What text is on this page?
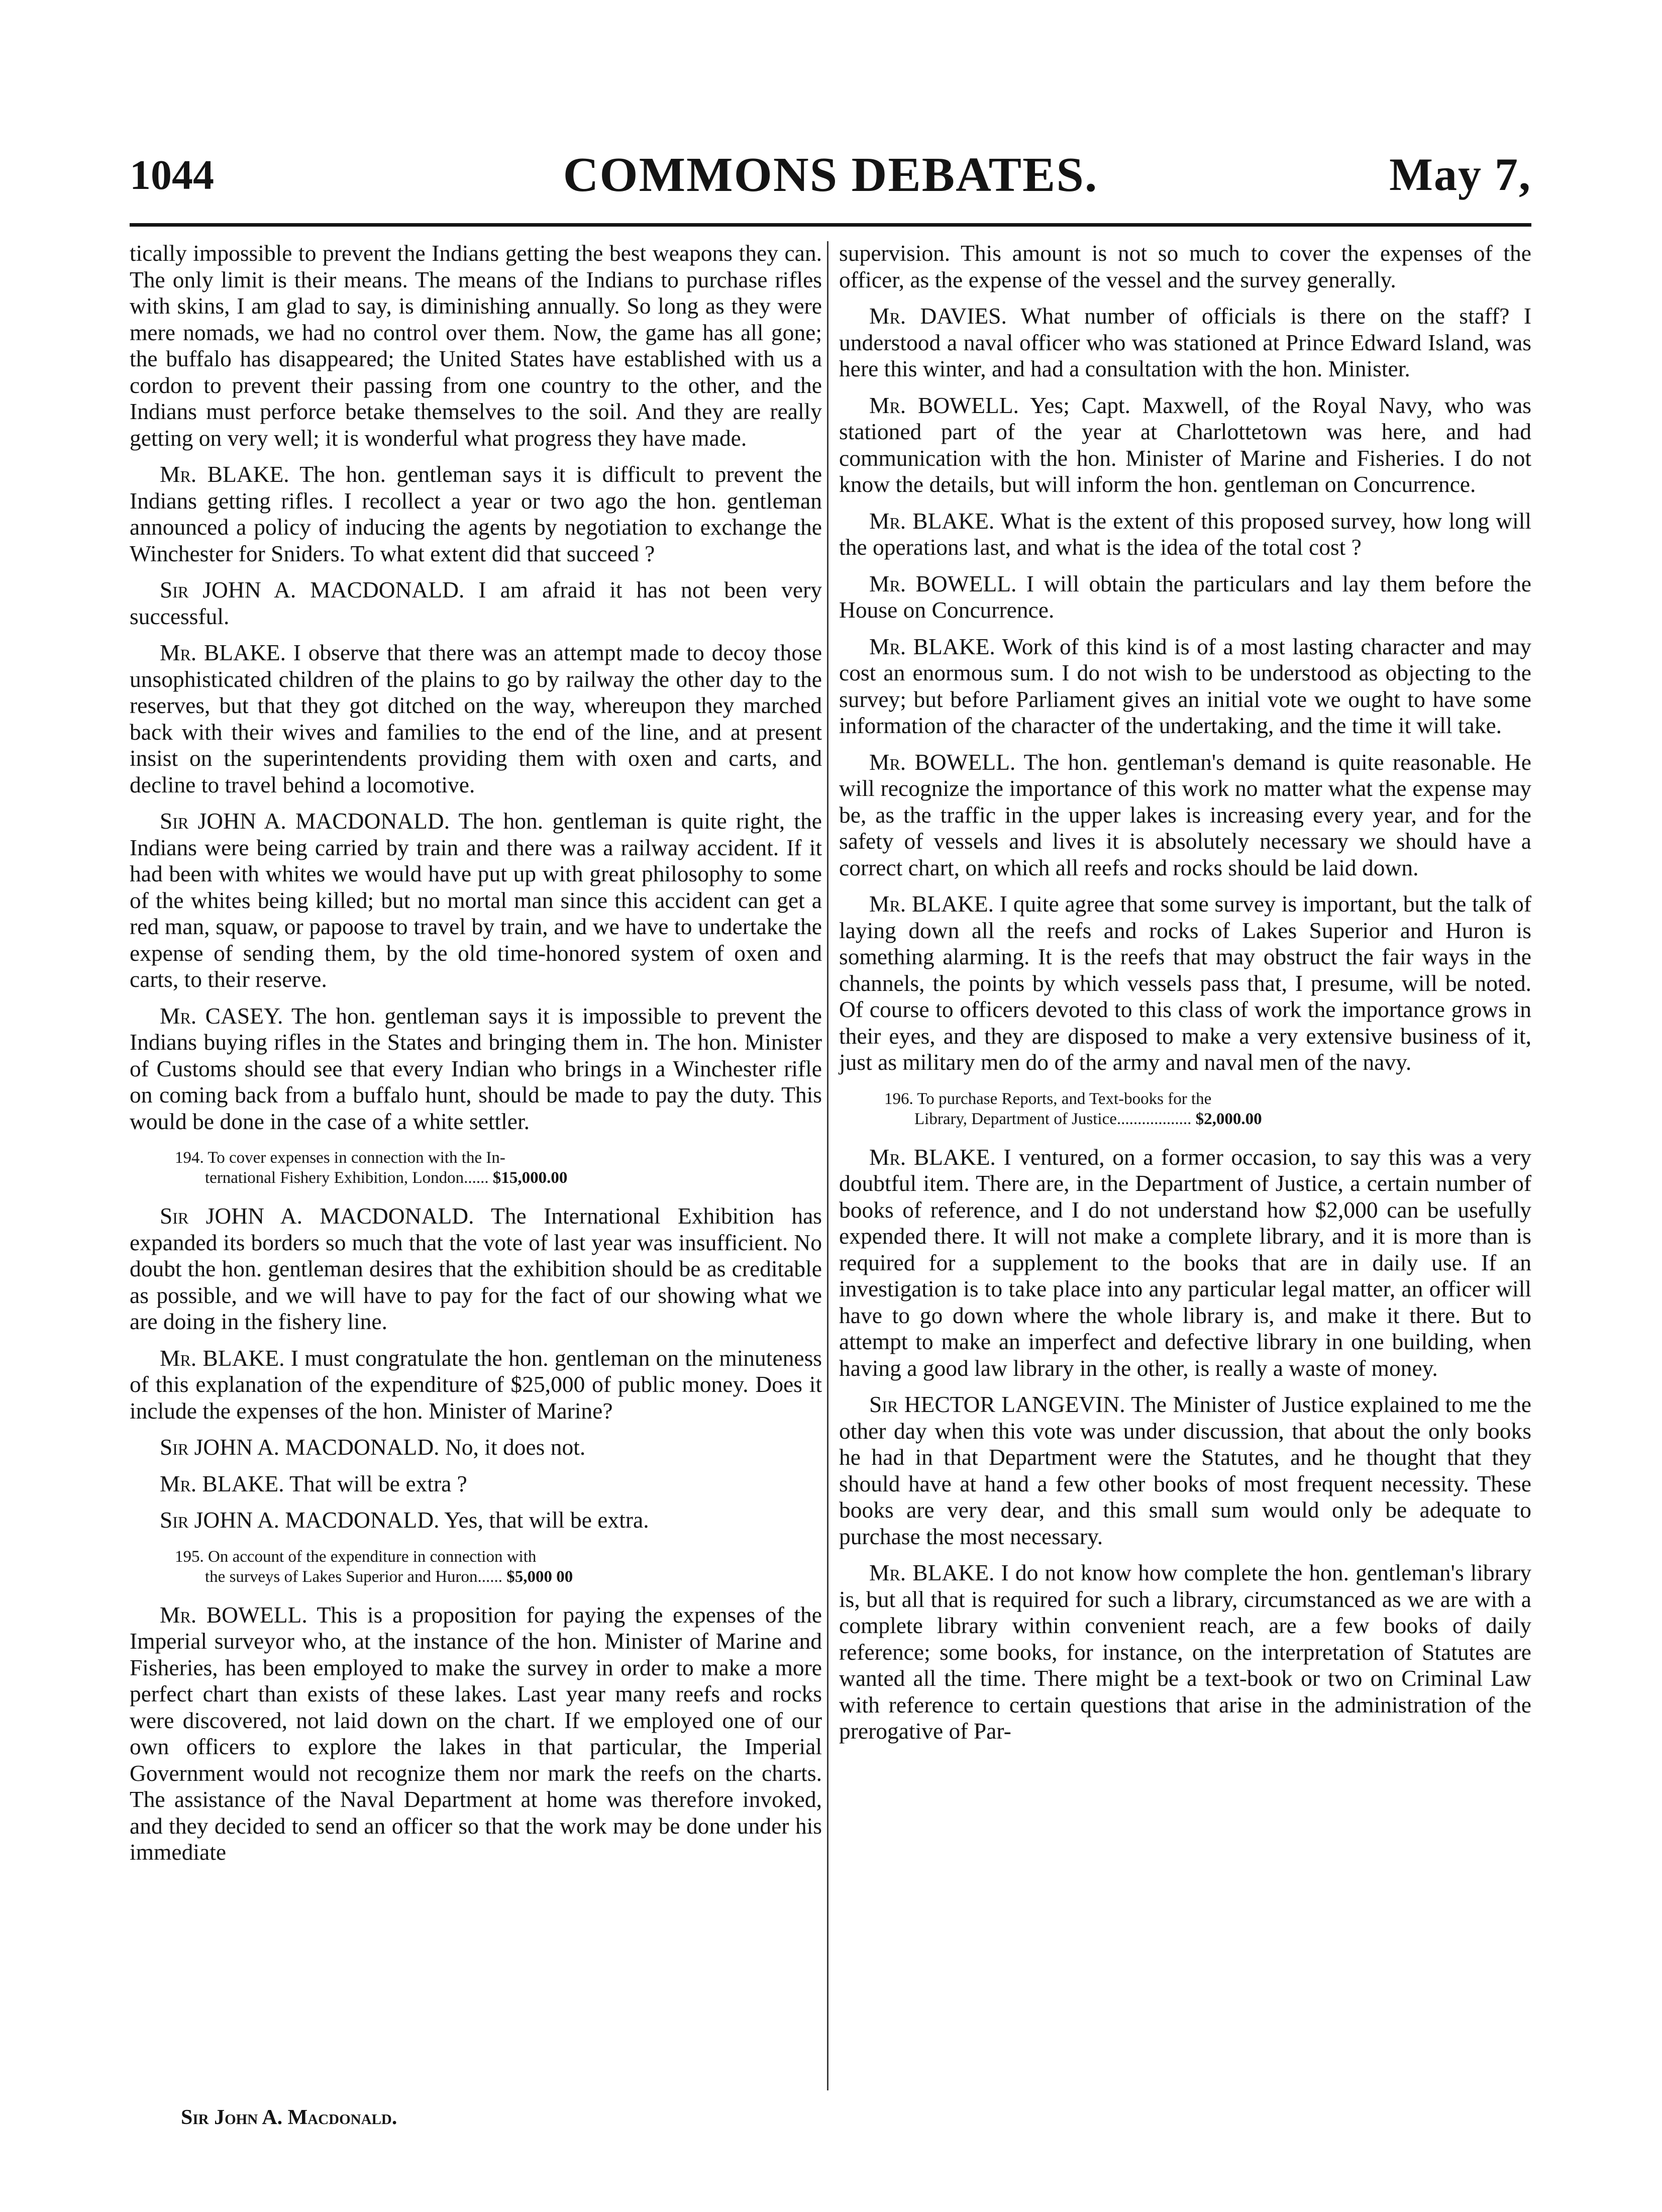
1044	COMMONS DEBATES.	May 7,

tically impossible to prevent the Indians getting the best weapons they can. The only limit is their means. The means of the Indians to purchase rifles with skins, I am glad to say, is diminishing annually. So long as they were mere nomads, we had no control over them. Now, the game has all gone; the buffalo has disappeared; the United States have established with us a cordon to prevent their passing from one country to the other, and the Indians must perforce betake themselves to the soil. And they are really getting on very well; it is wonderful what progress they have made.

Mr. BLAKE. The hon. gentleman says it is difficult to prevent the Indians getting rifles. I recollect a year or two ago the hon. gentleman announced a policy of inducing the agents by negotiation to exchange the Winchester for Sniders. To what extent did that succeed ?

Sir JOHN A. MACDONALD. I am afraid it has not been very successful.

Mr. BLAKE. I observe that there was an attempt made to decoy those unsophisticated children of the plains to go by railway the other day to the reserves, but that they got ditched on the way, whereupon they marched back with their wives and families to the end of the line, and at present insist on the superintendents providing them with oxen and carts, and decline to travel behind a locomotive.

Sir JOHN A. MACDONALD. The hon. gentleman is quite right, the Indians were being carried by train and there was a railway accident. If it had been with whites we would have put up with great philosophy to some of the whites being killed; but no mortal man since this accident can get a red man, squaw, or papoose to travel by train, and we have to undertake the expense of sending them, by the old time-honored system of oxen and carts, to their reserve.

Mr. CASEY. The hon. gentleman says it is impossible to prevent the Indians buying rifles in the States and bringing them in. The hon. Minister of Customs should see that every Indian who brings in a Winchester rifle on coming back from a buffalo hunt, should be made to pay the duty. This would be done in the case of a white settler.

194. To cover expenses in connection with the In-
ternational Fishery Exhibition, London...... $15,000.00

Sir JOHN A. MACDONALD. The International Exhibition has expanded its borders so much that the vote of last year was insufficient. No doubt the hon. gentleman desires that the exhibition should be as creditable as possible, and we will have to pay for the fact of our showing what we are doing in the fishery line.

Mr. BLAKE. I must congratulate the hon. gentleman on the minuteness of this explanation of the expenditure of $25,000 of public money. Does it include the expenses of the hon. Minister of Marine?

Sir JOHN A. MACDONALD. No, it does not.

Mr. BLAKE. That will be extra ?

Sir JOHN A. MACDONALD. Yes, that will be extra.

195. On account of the expenditure in connection with
the surveys of Lakes Superior and Huron...... $5,000 00

Mr. BOWELL. This is a proposition for paying the expenses of the Imperial surveyor who, at the instance of the hon. Minister of Marine and Fisheries, has been employed to make the survey in order to make a more perfect chart than exists of these lakes. Last year many reefs and rocks were discovered, not laid down on the chart. If we employed one of our own officers to explore the lakes in that particular, the Imperial Government would not recognize them nor mark the reefs on the charts. The assistance of the Naval Department at home was therefore invoked, and they decided to send an officer so that the work may be done under his immediate

supervision. This amount is not so much to cover the expenses of the officer, as the expense of the vessel and the survey generally.

Mr. DAVIES. What number of officials is there on the staff? I understood a naval officer who was stationed at Prince Edward Island, was here this winter, and had a consultation with the hon. Minister.

Mr. BOWELL. Yes; Capt. Maxwell, of the Royal Navy, who was stationed part of the year at Charlottetown was here, and had communication with the hon. Minister of Marine and Fisheries. I do not know the details, but will inform the hon. gentleman on Concurrence.

Mr. BLAKE. What is the extent of this proposed survey, how long will the operations last, and what is the idea of the total cost ?

Mr. BOWELL. I will obtain the particulars and lay them before the House on Concurrence.

Mr. BLAKE. Work of this kind is of a most lasting character and may cost an enormous sum. I do not wish to be understood as objecting to the survey; but before Parliament gives an initial vote we ought to have some information of the character of the undertaking, and the time it will take.

Mr. BOWELL. The hon. gentleman's demand is quite reasonable. He will recognize the importance of this work no matter what the expense may be, as the traffic in the upper lakes is increasing every year, and for the safety of vessels and lives it is absolutely necessary we should have a correct chart, on which all reefs and rocks should be laid down.

Mr. BLAKE. I quite agree that some survey is important, but the talk of laying down all the reefs and rocks of Lakes Superior and Huron is something alarming. It is the reefs that may obstruct the fair ways in the channels, the points by which vessels pass that, I presume, will be noted. Of course to officers devoted to this class of work the importance grows in their eyes, and they are disposed to make a very extensive business of it, just as military men do of the army and naval men of the navy.

196. To purchase Reports, and Text-books for the
Library, Department of Justice.................. $2,000.00

Mr. BLAKE. I ventured, on a former occasion, to say this was a very doubtful item. There are, in the Department of Justice, a certain number of books of reference, and I do not understand how $2,000 can be usefully expended there. It will not make a complete library, and it is more than is required for a supplement to the books that are in daily use. If an investigation is to take place into any particular legal matter, an officer will have to go down where the whole library is, and make it there. But to attempt to make an imperfect and defective library in one building, when having a good law library in the other, is really a waste of money.

Sir HECTOR LANGEVIN. The Minister of Justice explained to me the other day when this vote was under discussion, that about the only books he had in that Department were the Statutes, and he thought that they should have at hand a few other books of most frequent necessity. These books are very dear, and this small sum would only be adequate to purchase the most necessary.

Mr. BLAKE. I do not know how complete the hon. gentleman's library is, but all that is required for such a library, circumstanced as we are with a complete library within convenient reach, are a few books of daily reference; some books, for instance, on the interpretation of Statutes are wanted all the time. There might be a text-book or two on Criminal Law with reference to certain questions that arise in the administration of the prerogative of Par-

Sir John A. Macdonald.
